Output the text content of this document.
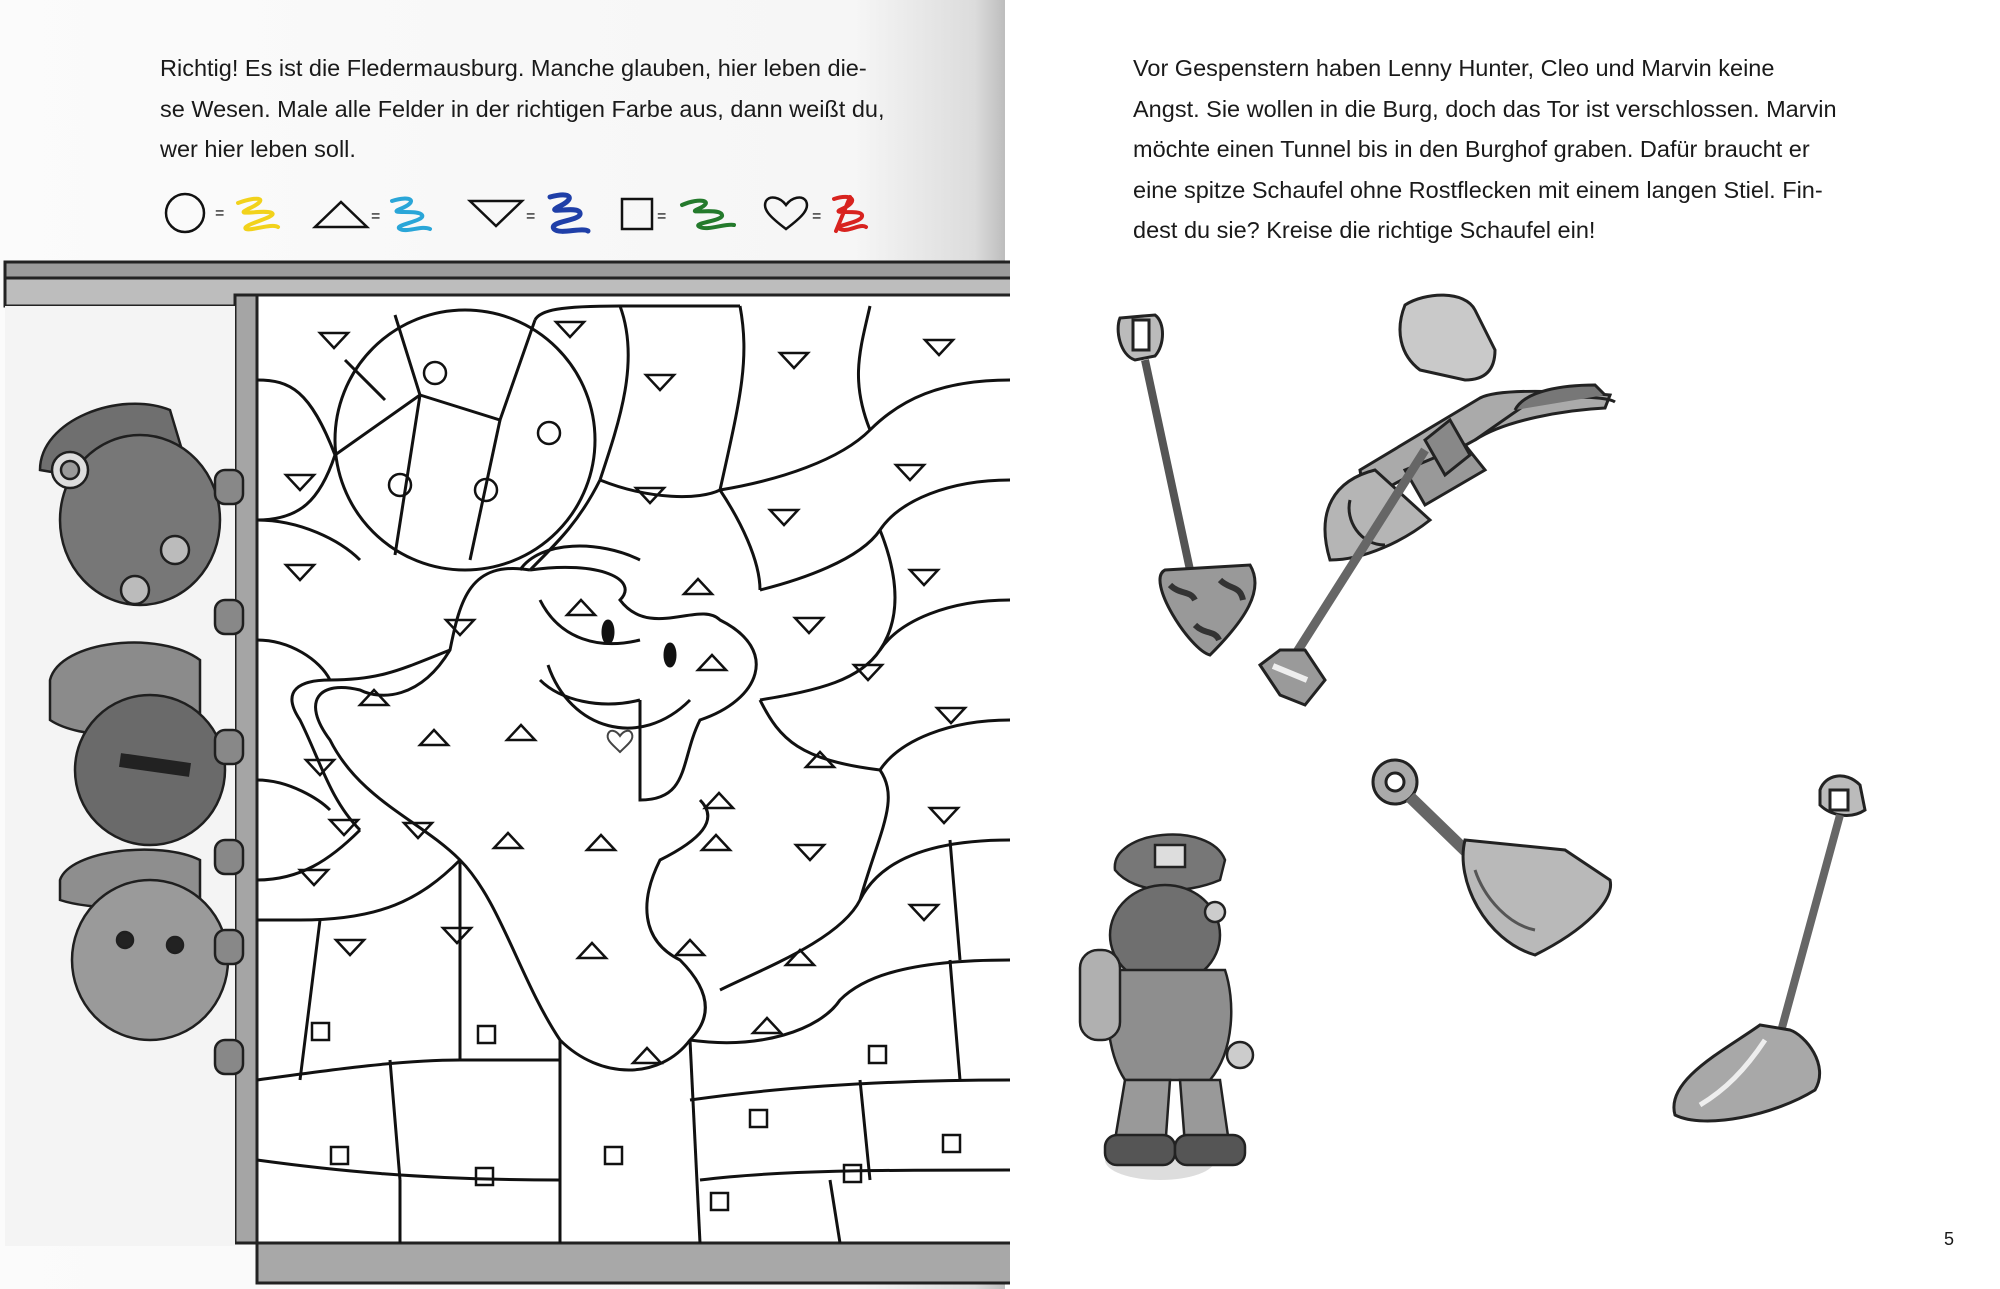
Richtig! Es ist die Fledermausburg. Manche glauben, hier leben die-
se Wesen. Male alle Felder in der richtigen Farbe aus, dann weißt du,
wer hier leben soll.

=	=	=	=	=

Vor Gespenstern haben Lenny Hunter, Cleo und Marvin keine
Angst. Sie wollen in die Burg, doch das Tor ist verschlossen. Marvin
möchte einen Tunnel bis in den Burghof graben. Dafür braucht er
eine spitze Schaufel ohne Rostflecken mit einem langen Stiel. Fin-
dest du sie? Kreise die richtige Schaufel ein!

5
